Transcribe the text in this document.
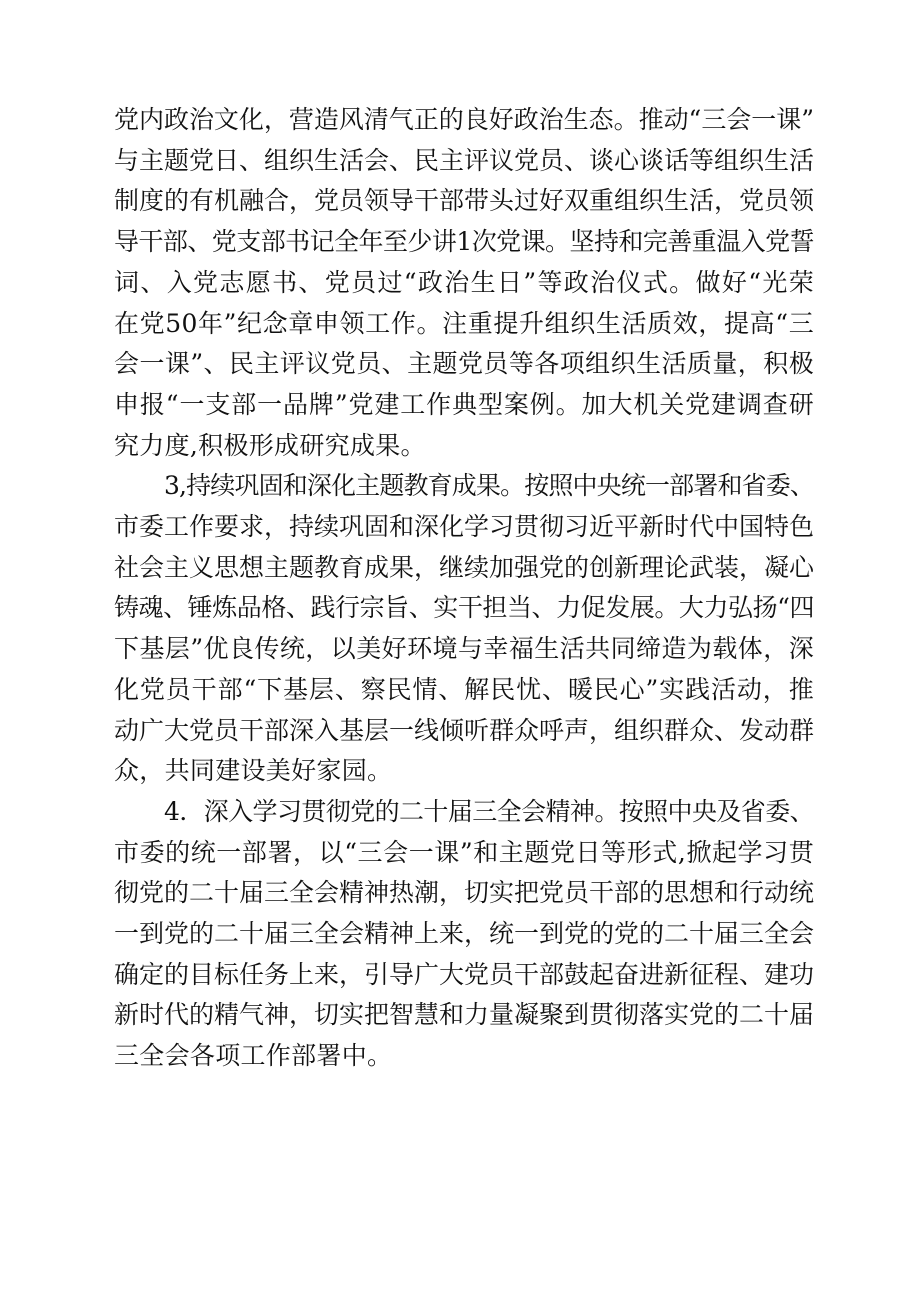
党内政治文化，营造风清气正的良好政治生态。推动“三会一课”
与主题党日、组织生活会、民主评议党员、谈心谈话等组织生活
制度的有机融合，党员领导干部带头过好双重组织生活，党员领
导干部、党支部书记全年至少讲1次党课。坚持和完善重温入党誓
词、入党志愿书、党员过“政治生日”等政治仪式。做好“光荣
在党50年”纪念章申领工作。注重提升组织生活质效，提高“三
会一课”、民主评议党员、主题党员等各项组织生活质量，积极
申报“一支部一品牌”党建工作典型案例。加大机关党建调查研
究力度,积极形成研究成果。
3,持续巩固和深化主题教育成果。按照中央统一部署和省委、
市委工作要求，持续巩固和深化学习贯彻习近平新时代中国特色
社会主义思想主题教育成果，继续加强党的创新理论武装，凝心
铸魂、锤炼品格、践行宗旨、实干担当、力促发展。大力弘扬“四
下基层”优良传统，以美好环境与幸福生活共同缔造为载体，深
化党员干部“下基层、察民情、解民忧、暖民心”实践活动，推
动广大党员干部深入基层一线倾听群众呼声，组织群众、发动群
众，共同建设美好家园。
4．深入学习贯彻党的二十届三全会精神。按照中央及省委、
市委的统一部署，以“三会一课”和主题党日等形式,掀起学习贯
彻党的二十届三全会精神热潮，切实把党员干部的思想和行动统
一到党的二十届三全会精神上来，统一到党的党的二十届三全会
确定的目标任务上来，引导广大党员干部鼓起奋进新征程、建功
新时代的精气神，切实把智慧和力量凝聚到贯彻落实党的二十届
三全会各项工作部署中。
